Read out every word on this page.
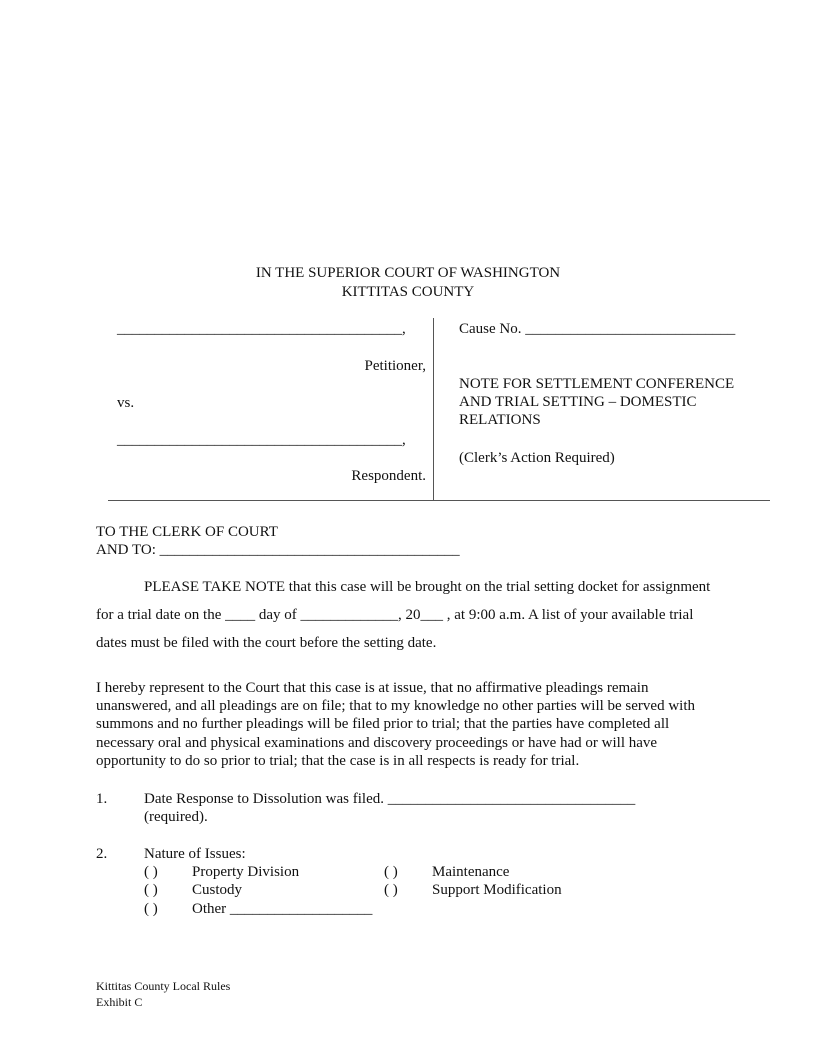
IN THE SUPERIOR COURT OF WASHINGTON
KITTITAS COUNTY
______________________________________,
Petitioner,
vs.
______________________________________,
Respondent.
Cause No. ____________________________
NOTE FOR SETTLEMENT CONFERENCE
AND TRIAL SETTING – DOMESTIC
RELATIONS
(Clerk’s Action Required)
TO THE CLERK OF COURT
AND TO: ________________________________________
PLEASE TAKE NOTE that this case will be brought on the trial setting docket for assignment
for a trial date on the ____ day of _____________, 20___ , at 9:00 a.m. A list of your available trial
dates must be filed with the court before the setting date.
I hereby represent to the Court that this case is at issue, that no affirmative pleadings remain
unanswered, and all pleadings are on file; that to my knowledge no other parties will be served with
summons and no further pleadings will be filed prior to trial; that the parties have completed all
necessary oral and physical examinations and discovery proceedings or have had or will have
opportunity to do so prior to trial; that the case is in all respects is ready for trial.
1. Date Response to Dissolution was filed. _________________________________
(required).
2. Nature of Issues:
( ) Property Division	( ) Maintenance
( ) Custody	( ) Support Modification
( ) Other ___________________
Kittitas County Local Rules
Exhibit C
